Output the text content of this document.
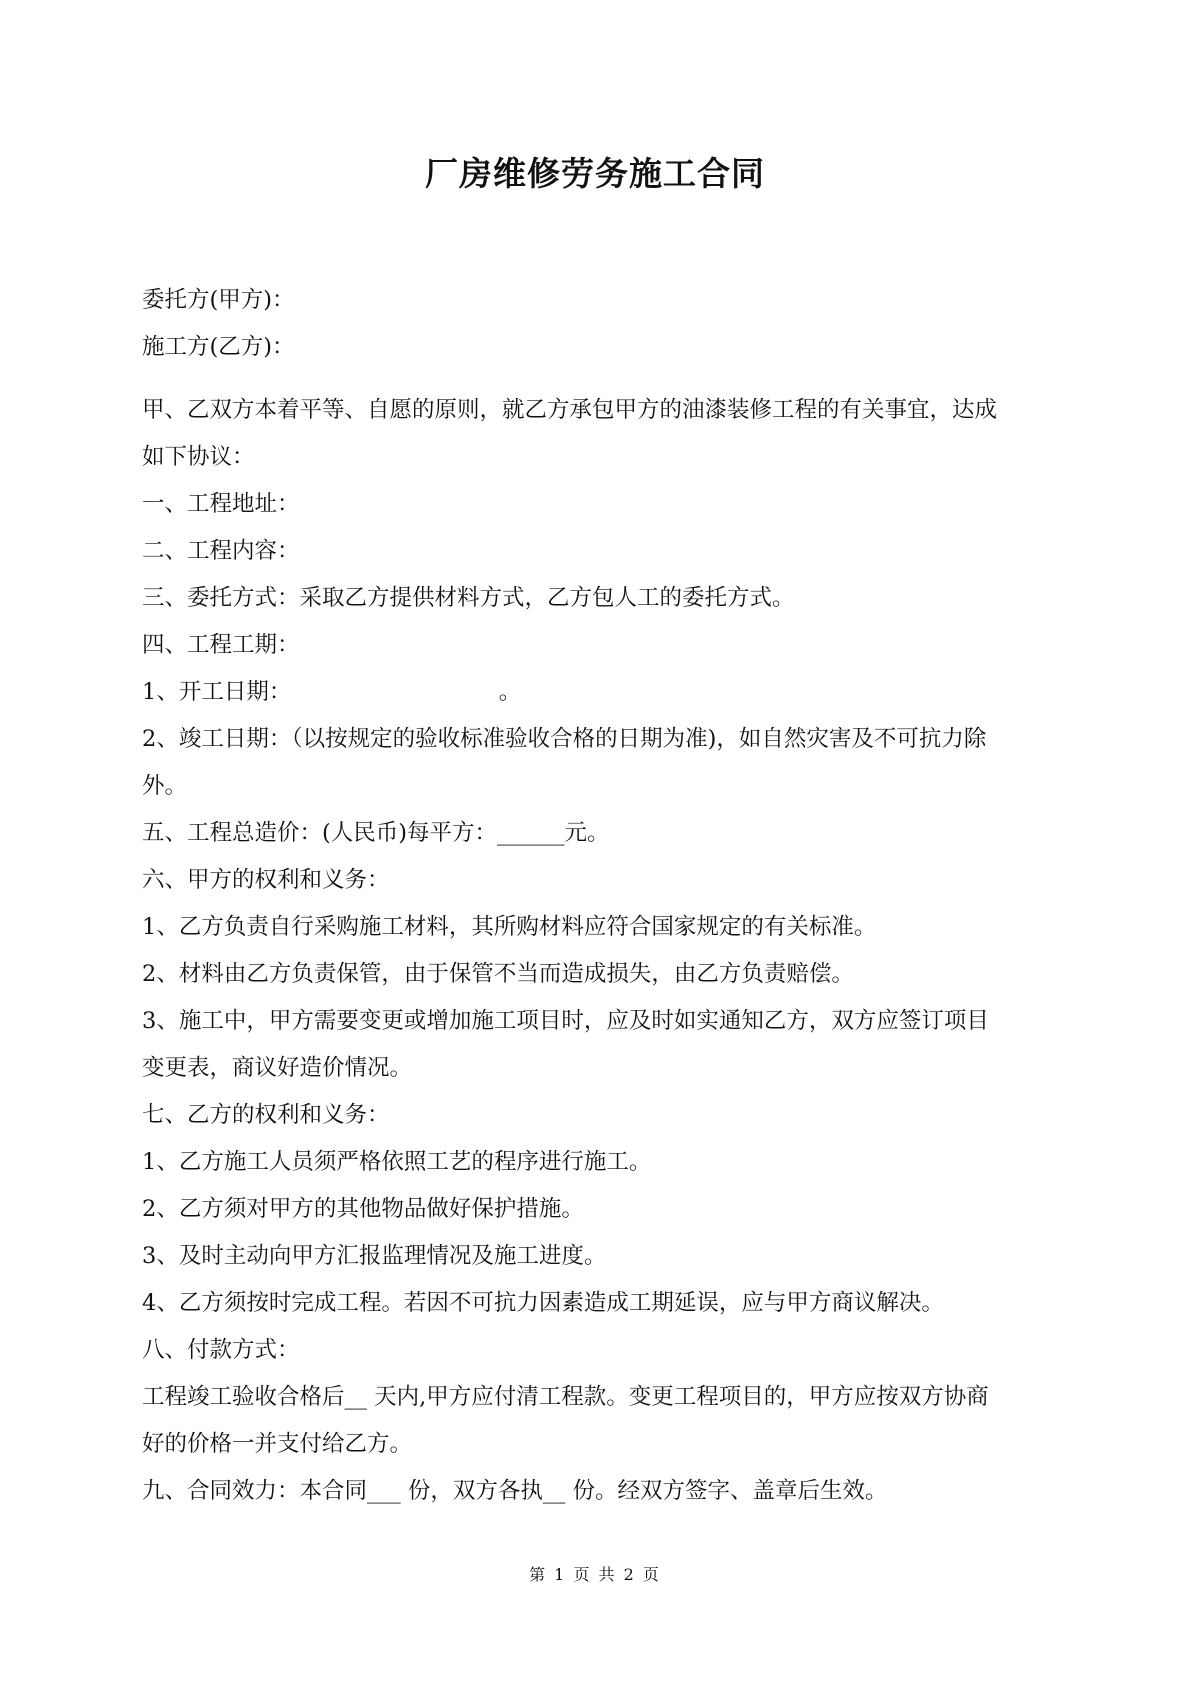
厂房维修劳务施工合同
委托方(甲方)：
施工方(乙方)：
甲、乙双方本着平等、自愿的原则，就乙方承包甲方的油漆装修工程的有关事宜，达成
如下协议：
一、工程地址：
二、工程内容：
三、委托方式：采取乙方提供材料方式，乙方包人工的委托方式。
四、工程工期：
1、开工日期：                             。
2、竣工日期：（以按规定的验收标准验收合格的日期为准)，如自然灾害及不可抗力除
外。
五、工程总造价：(人民币)每平方：______元。
六、甲方的权利和义务：
1、乙方负责自行采购施工材料，其所购材料应符合国家规定的有关标准。
2、材料由乙方负责保管，由于保管不当而造成损失，由乙方负责赔偿。
3、施工中，甲方需要变更或增加施工项目时，应及时如实通知乙方，双方应签订项目
变更表，商议好造价情况。
七、乙方的权利和义务：
1、乙方施工人员须严格依照工艺的程序进行施工。
2、乙方须对甲方的其他物品做好保护措施。
3、及时主动向甲方汇报监理情况及施工进度。
4、乙方须按时完成工程。若因不可抗力因素造成工期延误，应与甲方商议解决。
八、付款方式：
工程竣工验收合格后__ 天内,甲方应付清工程款。变更工程项目的，甲方应按双方协商
好的价格一并支付给乙方。
九、合同效力：本合同___ 份，双方各执__ 份。经双方签字、盖章后生效。
第 1 页 共 2 页
